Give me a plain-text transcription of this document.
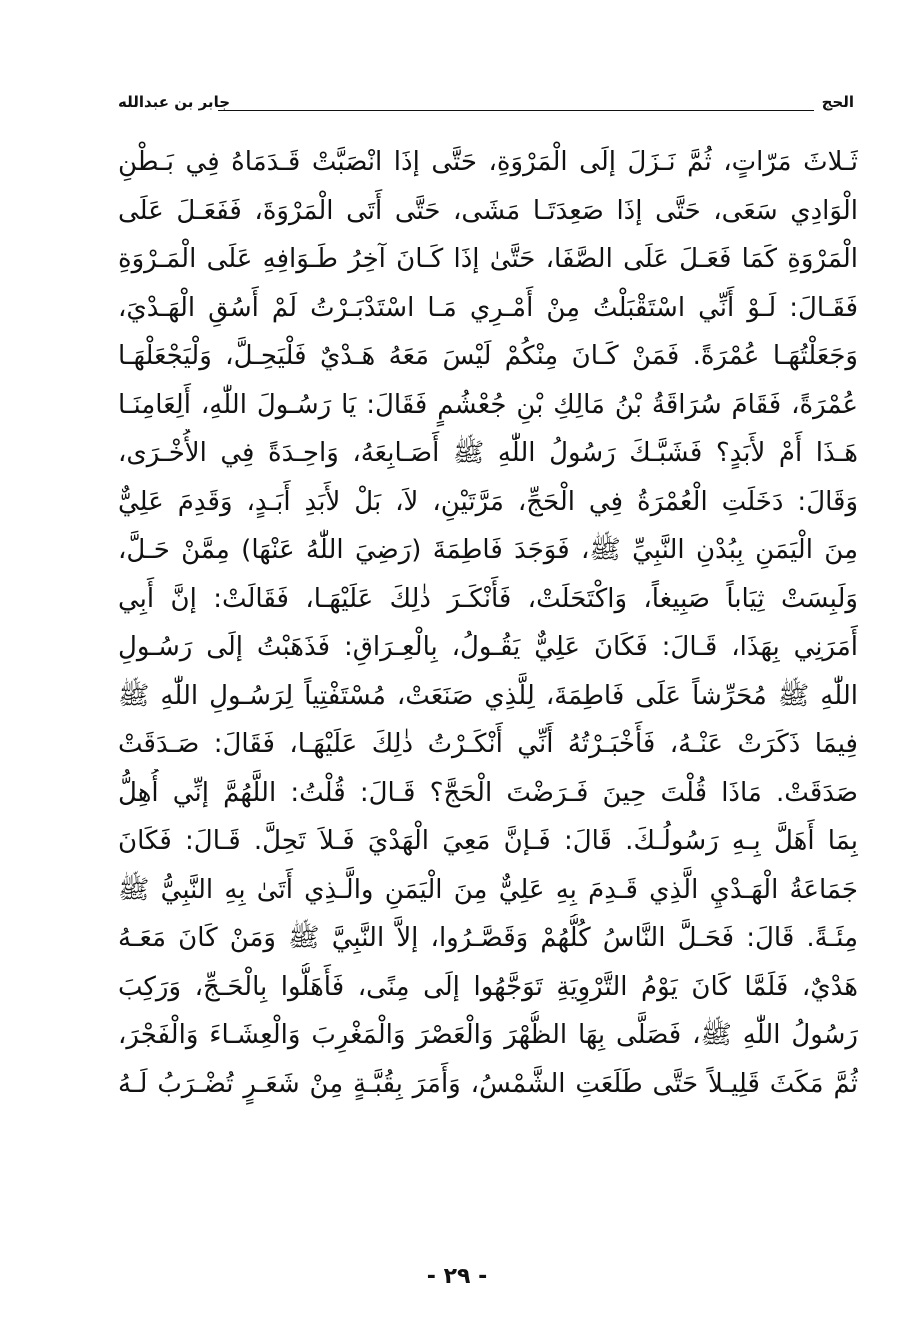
الحج
جابر بن عبدالله
ثَـلاثَ مَرّاتٍ، ثُمَّ نَـزَلَ إلَى الْمَرْوَةِ، حَتَّى إذَا انْصَبَّتْ قَـدَمَاهُ فِي بَـطْنِ
الْوَادِي سَعَى، حَتَّى إذَا صَعِدَتَـا مَشَى، حَتَّى أَتَى الْمَرْوَةَ، فَفَعَـلَ عَلَى
الْمَرْوَةِ كَمَا فَعَـلَ عَلَى الصَّفَا، حَتَّىٰ إذَا كَـانَ آخِرُ طَـوَافِهِ عَلَى الْمَـرْوَةِ
فَقَـالَ: لَـوْ أَنِّي اسْتَقْبَلْتُ مِنْ أَمْـرِي مَـا اسْتَدْبَـرْتُ لَمْ أَسُقِ الْهَـدْيَ،
وَجَعَلْتُهَـا عُمْرَةً. فَمَنْ كَـانَ مِنْكُمْ لَيْسَ مَعَهُ هَـدْيٌ فَلْيَحِـلَّ، وَلْيَجْعَلْهَـا
عُمْرَةً، فَقَامَ سُرَاقَةُ بْنُ مَالِكِ بْنِ جُعْشُمٍ فَقَالَ: يَا رَسُـولَ اللّٰهِ، أَلِعَامِنَـا
هَـذَا أَمْ لأَبَدٍ؟ فَشَبَّـكَ رَسُولُ اللّٰهِ ﷺ أَصَـابِعَهُ، وَاحِـدَةً فِي الأُخْـرَى،
وَقَالَ: دَخَلَتِ الْعُمْرَةُ فِي الْحَجِّ، مَرَّتَيْنِ، لاَ، بَلْ لأَبَدِ أَبَـدٍ، وَقَدِمَ عَلِيٌّ
مِنَ الْيَمَنِ بِبُدْنِ النَّبِيِّ ﷺ، فَوَجَدَ فَاطِمَةَ (رَضِيَ اللّٰهُ عَنْهَا) مِمَّنْ حَـلَّ،
وَلَبِسَتْ ثِيَاباً صَبِيغاً، وَاكْتَحَلَتْ، فَأَنْكَـرَ ذٰلِكَ عَلَيْهَـا، فَقَالَتْ: إنَّ أَبِي
أَمَرَنِي بِهَذَا، قَـالَ: فَكَانَ عَلِيٌّ يَقُـولُ، بِالْعِـرَاقِ: فَذَهَبْتُ إلَى رَسُـولِ
اللّٰهِ ﷺ مُحَرِّشاً عَلَى فَاطِمَةَ، لِلَّذِي صَنَعَتْ، مُسْتَفْتِياً لِرَسُـولِ اللّٰهِ ﷺ
فِيمَا ذَكَرَتْ عَنْـهُ، فَأَخْبَـرْتُهُ أَنِّي أَنْكَـرْتُ ذٰلِكَ عَلَيْهَـا، فَقَالَ: صَـدَقَتْ
صَدَقَتْ. مَاذَا قُلْتَ حِينَ فَـرَضْتَ الْحَجَّ؟ قَـالَ: قُلْتُ: اللَّهُمَّ إنِّي أُهِلُّ
بِمَا أَهَلَّ بِـهِ رَسُولُـكَ. قَالَ: فَـإنَّ مَعِيَ الْهَدْيَ فَـلاَ تَحِلَّ. قَـالَ: فَكَانَ
جَمَاعَةُ الْهَـدْيِ الَّذِي قَـدِمَ بِهِ عَلِيٌّ مِنَ الْيَمَنِ والَّـذِي أَتَىٰ بِهِ النَّبِيُّ ﷺ
مِئَـةً. قَالَ: فَحَـلَّ النَّاسُ كُلُّهُمْ وَقَصَّـرُوا، إلاَّ النَّبِيَّ ﷺ وَمَنْ كَانَ مَعَـهُ
هَدْيٌ، فَلَمَّا كَانَ يَوْمُ التَّرْوِيَةِ تَوَجَّهُوا إلَى مِنًى، فَأَهَلُّوا بِالْحَـجِّ، وَرَكِبَ
رَسُولُ اللّٰهِ ﷺ، فَصَلَّى بِهَا الظُّهْرَ وَالْعَصْرَ وَالْمَغْرِبَ وَالْعِشَـاءَ وَالْفَجْرَ،
ثُمَّ مَكَثَ قَلِيـلاً حَتَّى طَلَعَتِ الشَّمْسُ، وَأَمَرَ بِقُبَّـةٍ مِنْ شَعَـرٍ تُضْـرَبُ لَـهُ
- ٢٩ -
